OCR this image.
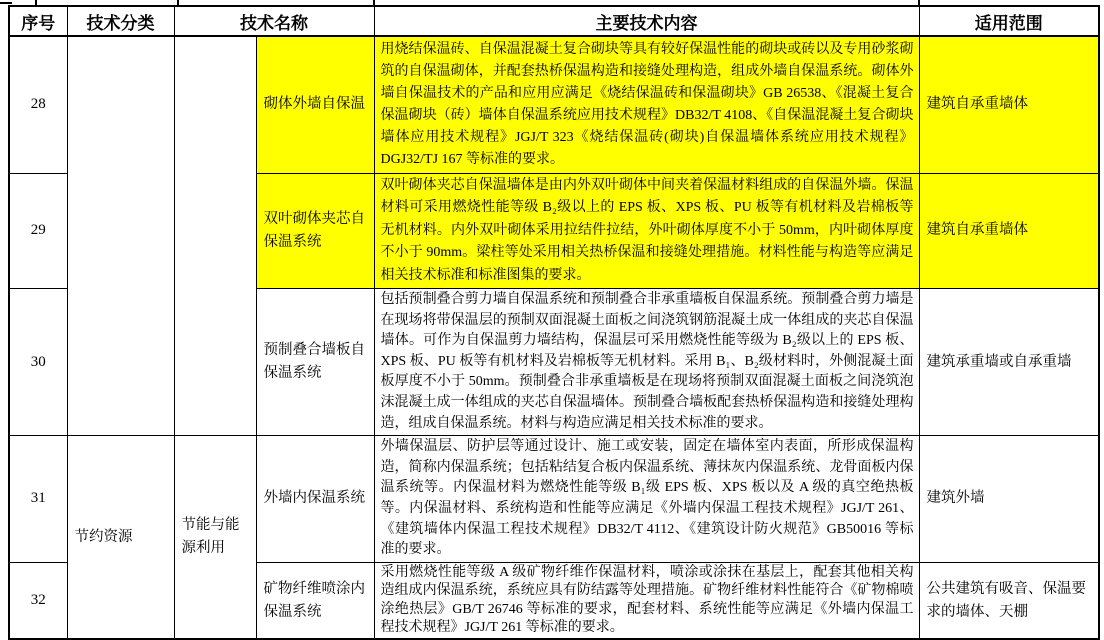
序号	技术分类	技术名称		主要技术内容	适用范围
28			砌体外墙自保温	用烧结保温砖、自保温混凝土复合砌块等具有较好保温性能的砌块或砖以及专用砂浆砌筑的自保温砌体，并配套热桥保温构造和接缝处理构造，组成外墙自保温系统。砌体外墙自保温技术的产品和应用应满足《烧结保温砖和保温砌块》GB 26538、《混凝土复合保温砌块（砖）墙体自保温系统应用技术规程》DB32/T 4108、《自保温混凝土复合砌块墙体应用技术规程》JGJ/T 323《烧结保温砖(砌块)自保温墙体系统应用技术规程》DGJ32/TJ 167 等标准的要求。	建筑自承重墙体
29			双叶砌体夹芯自保温系统	双叶砌体夹芯自保温墙体是由内外双叶砌体中间夹着保温材料组成的自保温外墙。保温材料可采用燃烧性能等级 B₂级以上的 EPS 板、XPS 板、PU 板等有机材料及岩棉板等无机材料。内外双叶砌体采用拉结件拉结，外叶砌体厚度不小于 50mm，内叶砌体厚度不小于 90mm。梁柱等处采用相关热桥保温和接缝处理措施。材料性能与构造等应满足相关技术标准和标准图集的要求。	建筑自承重墙体
30			预制叠合墙板自保温系统	包括预制叠合剪力墙自保温系统和预制叠合非承重墙板自保温系统。预制叠合剪力墙是在现场将带保温层的预制双面混凝土面板之间浇筑钢筋混凝土成一体组成的夹芯自保温墙体。可作为自保温剪力墙结构，保温层可采用燃烧性能等级为 B₂级以上的 EPS 板、XPS 板、PU 板等有机材料及岩棉板等无机材料。采用 B₁、B₂级材料时，外侧混凝土面板厚度不小于 50mm。预制叠合非承重墙板是在现场将预制双面混凝土面板之间浇筑泡沫混凝土成一体组成的夹芯自保温墙体。预制叠合墙板配套热桥保温构造和接缝处理构造，组成自保温系统。材料与构造应满足相关技术标准的要求。	建筑承重墙或自承重墙
31	节约资源	节能与能源利用	外墙内保温系统	外墙保温层、防护层等通过设计、施工或安装，固定在墙体室内表面，所形成保温构造，简称内保温系统；包括粘结复合板内保温系统、薄抹灰内保温系统、龙骨面板内保温系统等。内保温材料为燃烧性能等级 B₁级 EPS 板、XPS 板以及 A 级的真空绝热板等。内保温材料、系统构造和性能等应满足《外墙内保温工程技术规程》JGJ/T 261、《建筑墙体内保温工程技术规程》DB32/T 4112、《建筑设计防火规范》GB50016 等标准的要求。	建筑外墙
32			矿物纤维喷涂内保温系统	采用燃烧性能等级 A 级矿物纤维作保温材料，喷涂或涂抹在基层上，配套其他相关构造组成内保温系统，系统应具有防结露等处理措施。矿物纤维材料性能符合《矿物棉喷涂绝热层》GB/T 26746 等标准的要求，配套材料、系统性能等应满足《外墙内保温工程技术规程》JGJ/T 261 等标准的要求。	公共建筑有吸音、保温要求的墙体、天棚
